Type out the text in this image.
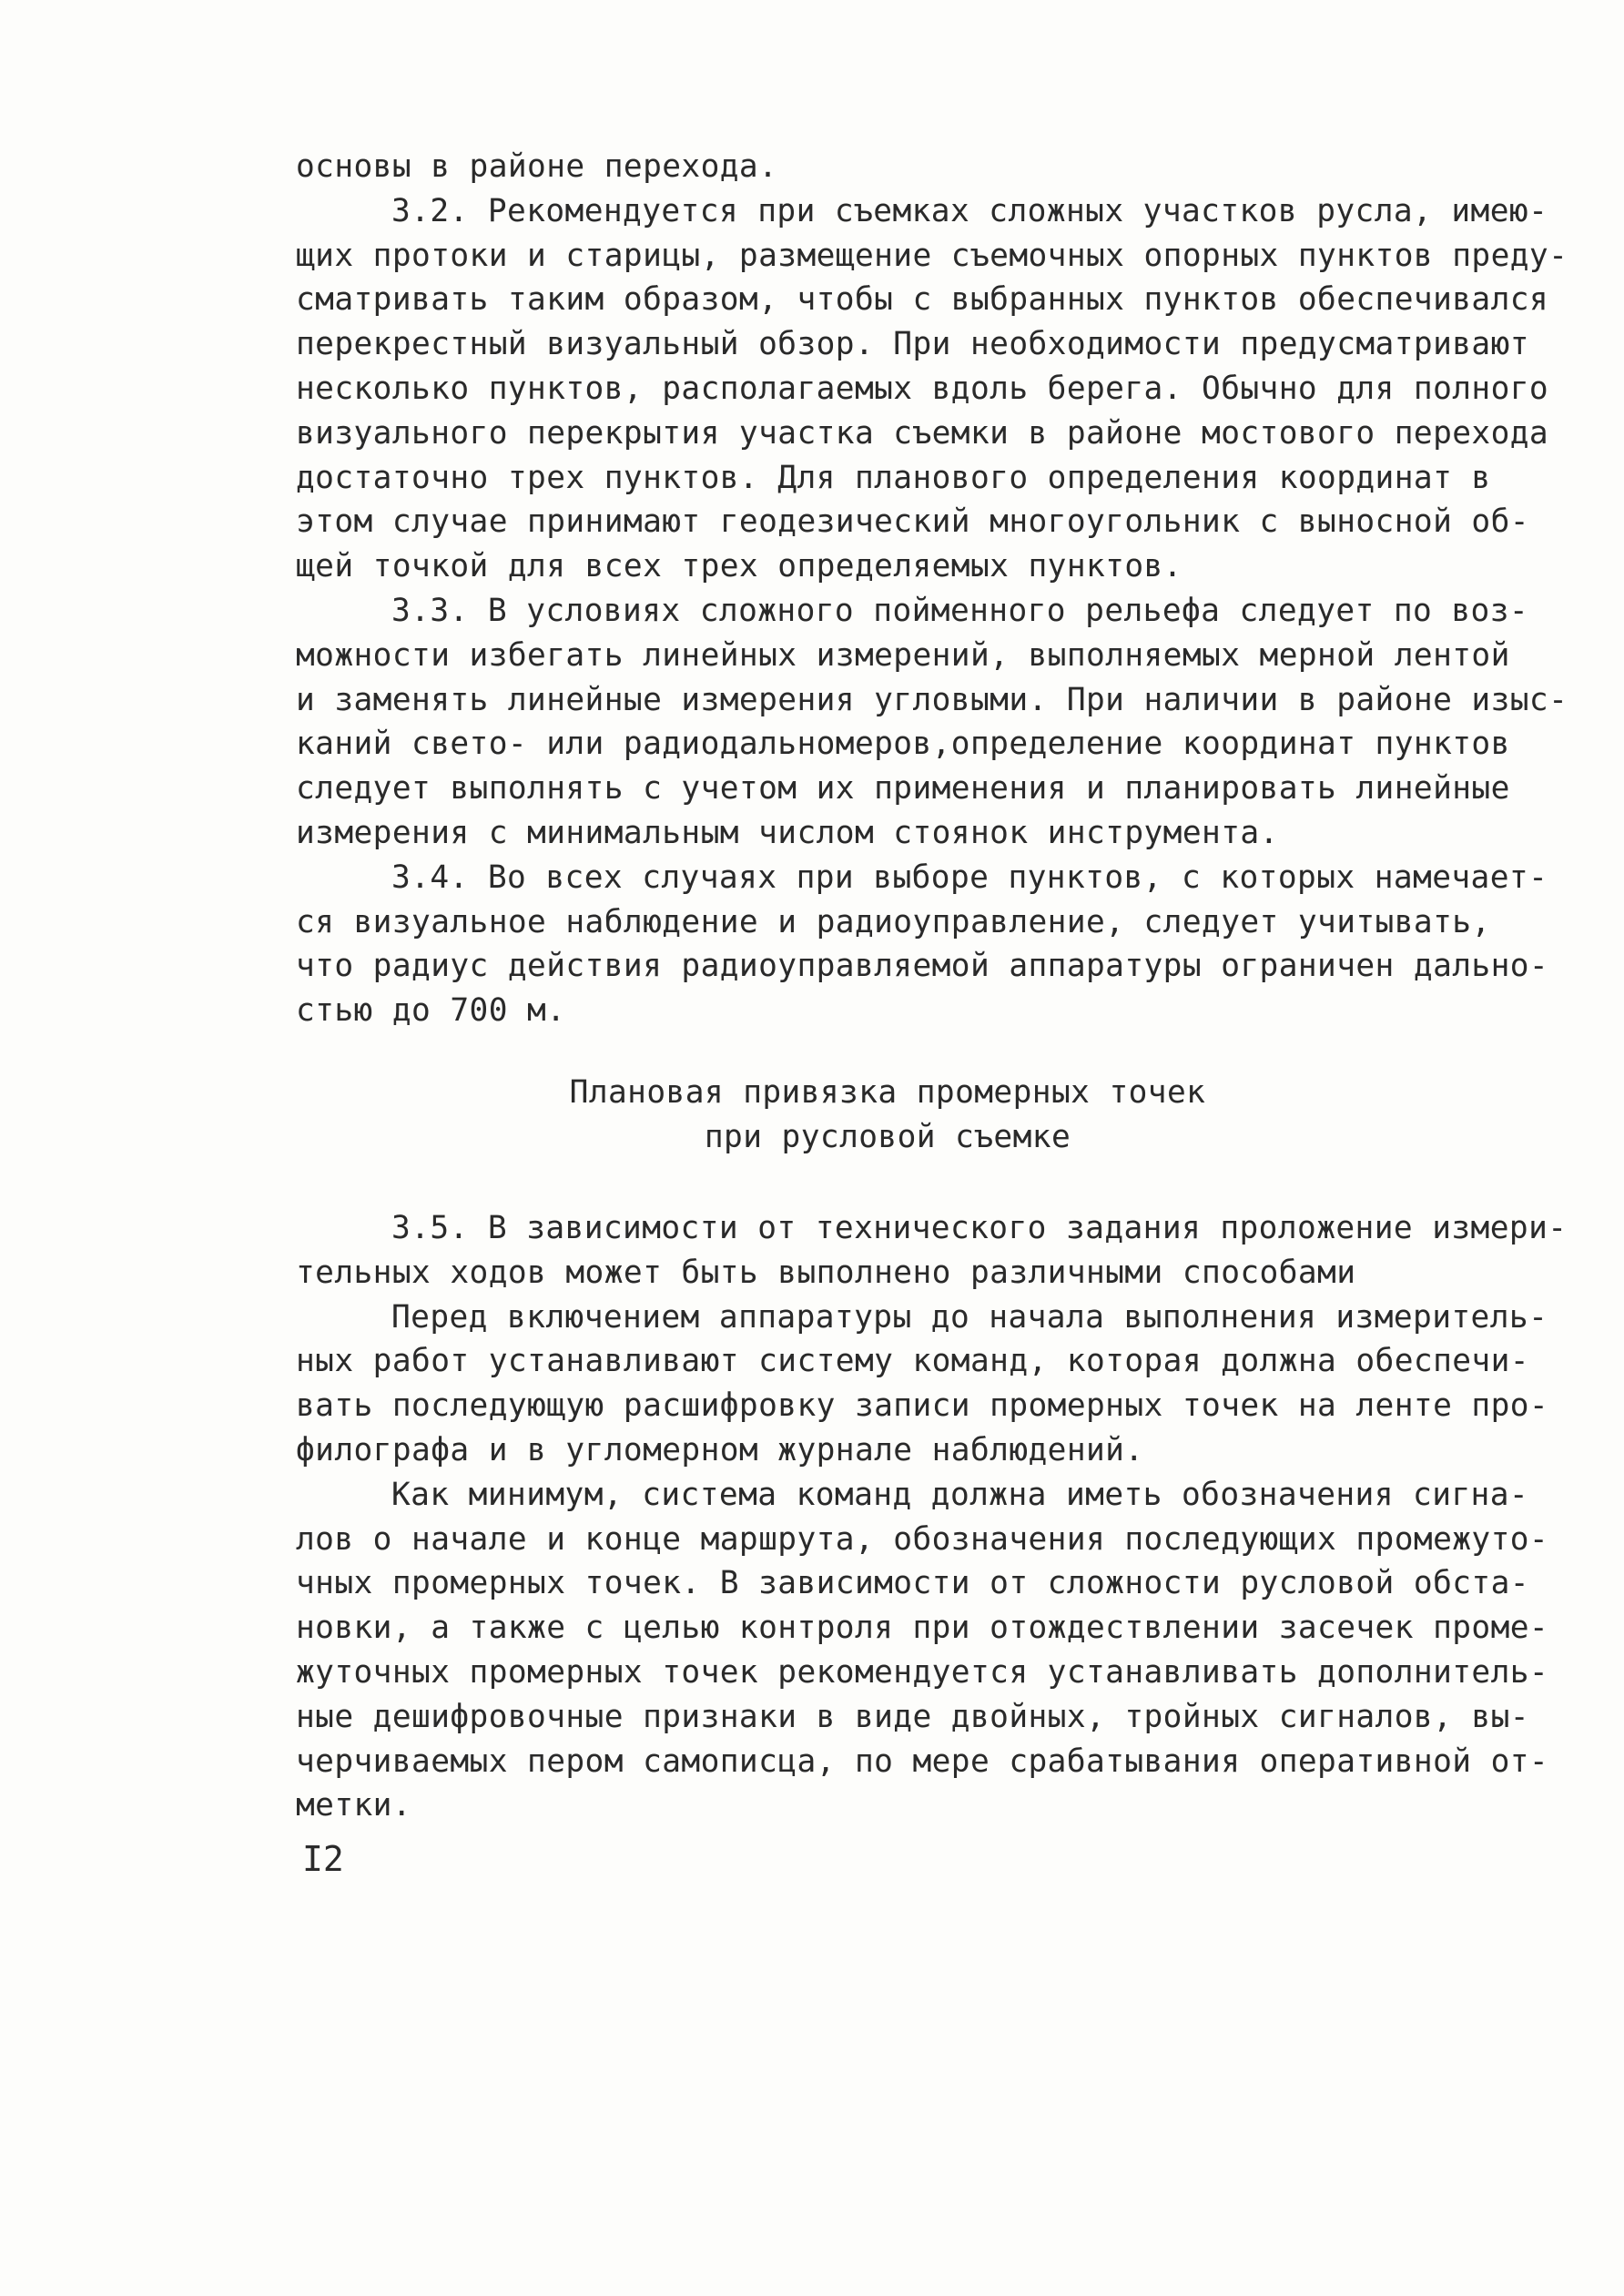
основы в районе перехода.
3.2. Рекомендуется при съемках сложных участков русла, имею-
щих протоки и старицы, размещение съемочных опорных пунктов преду-
сматривать таким образом, чтобы с выбранных пунктов обеспечивался
перекрестный визуальный обзор. При необходимости предусматривают
несколько пунктов, располагаемых вдоль берега. Обычно для полного
визуального перекрытия участка съемки в районе мостового перехода
достаточно трех пунктов. Для планового определения координат в
этом случае принимают геодезический многоугольник с выносной об-
щей точкой для всех трех определяемых пунктов.
3.3. В условиях сложного пойменного рельефа следует по воз-
можности избегать линейных измерений, выполняемых мерной лентой
и заменять линейные измерения угловыми. При наличии в районе изыс-
каний свето- или радиодальномеров,определение координат пунктов
следует выполнять с учетом их применения и планировать линейные
измерения с минимальным числом стоянок инструмента.
3.4. Во всех случаях при выборе пунктов, с которых намечает-
ся визуальное наблюдение и радиоуправление, следует учитывать,
что радиус действия радиоуправляемой аппаратуры ограничен дально-
стью до 700 м.
Плановая привязка промерных точек
при русловой съемке
3.5. В зависимости от технического задания проложение измери-
тельных ходов может быть выполнено различными способами
Перед включением аппаратуры до начала выполнения измеритель-
ных работ устанавливают систему команд, которая должна обеспечи-
вать последующую расшифровку записи промерных точек на ленте про-
филографа и в угломерном журнале наблюдений.
Как минимум, система команд должна иметь обозначения сигна-
лов о началe и конце маршрута, обозначения последующих промежуто-
чных промерных точек. В зависимости от сложности русловой обста-
новки, а также с целью контроля при отождествлении засечек проме-
жуточных промерных точек рекомендуется устанавливать дополнитель-
ные дешифровочные признаки в виде двойных, тройных сигналов, вы-
черчиваемых пером самописца, по мере срабатывания оперативной от-
метки.
I2
